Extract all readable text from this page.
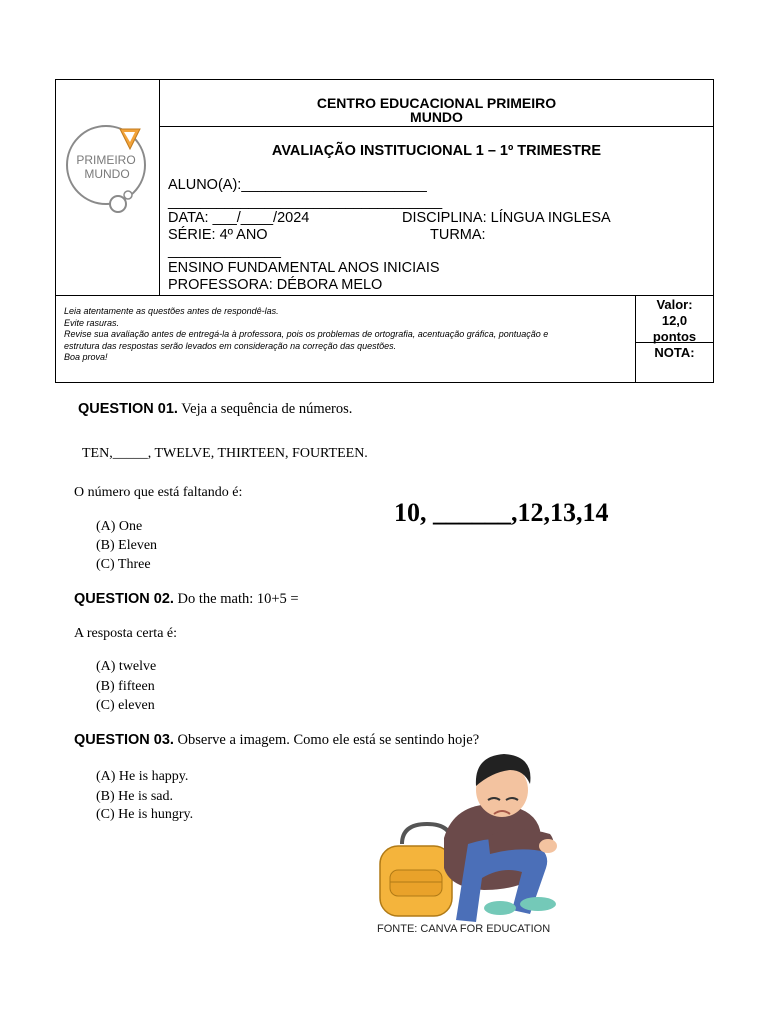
PRIMEIRO
MUNDO
CENTRO EDUCACIONAL PRIMEIRO
MUNDO
AVALIAÇÃO INSTITUCIONAL 1 – 1º TRIMESTRE
ALUNO(A):_______________________
__________________________________
DATA: ___/____/2024	DISCIPLINA: LÍNGUA INGLESA
SÉRIE: 4º ANO	TURMA:
______________
ENSINO FUNDAMENTAL ANOS INICIAIS
PROFESSORA: DÉBORA MELO
Leia atentamente as questões antes de respondê-las.
Evite rasuras.
Revise sua avaliação antes de entregá-la à professora, pois os problemas de ortografia, acentuação gráfica, pontuação e
estrutura das respostas serão levados em consideração na correção das questões.
Boa prova!
Valor:
12,0
pontos
NOTA:
QUESTION 01. Veja a sequência de números.
TEN,_____, TWELVE, THIRTEEN, FOURTEEN.
O número que está faltando é:
10, ______,12,13,14
(A) One
(B) Eleven
(C) Three
QUESTION 02. Do the math: 10+5 =
A resposta certa é:
(A) twelve
(B) fifteen
(C) eleven
QUESTION 03. Observe a imagem. Como ele está se sentindo hoje?
(A) He is happy.
(B) He is sad.
(C) He is hungry.
FONTE: CANVA FOR EDUCATION
